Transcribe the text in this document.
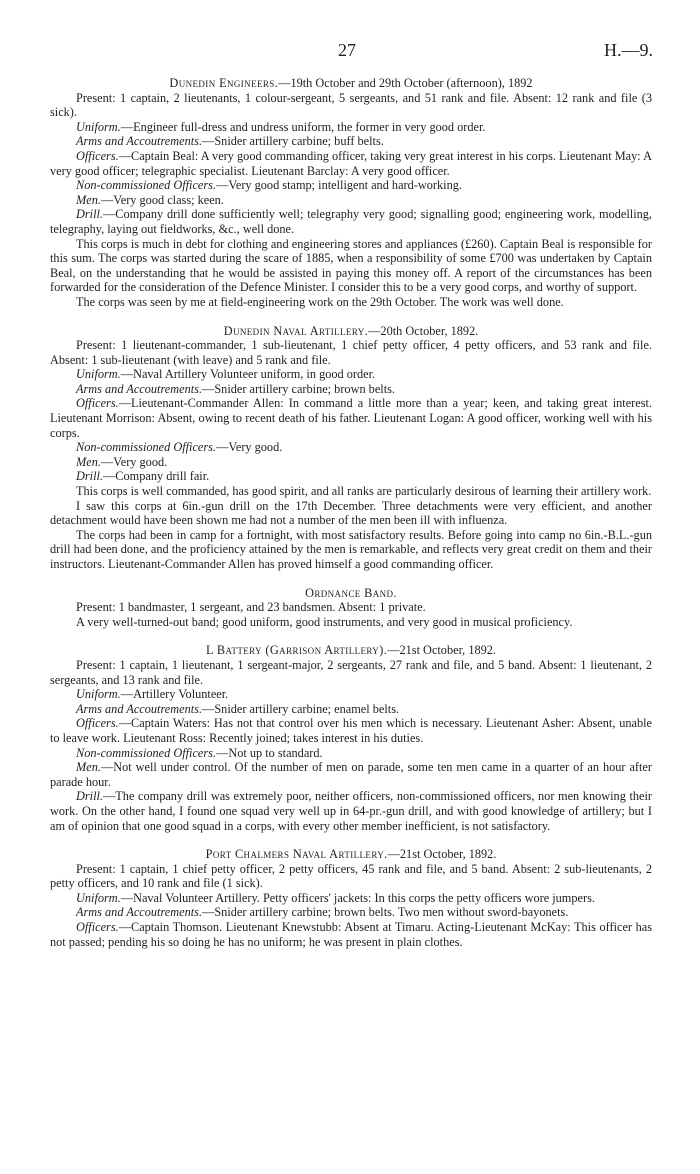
27	H.—9.

Dunedin Engineers.—19th October and 29th October (afternoon), 1892

Present: 1 captain, 2 lieutenants, 1 colour-sergeant, 5 sergeants, and 51 rank and file. Absent: 12 rank and file (3 sick).

Uniform.—Engineer full-dress and undress uniform, the former in very good order.

Arms and Accoutrements.—Snider artillery carbine; buff belts.

Officers.—Captain Beal: A very good commanding officer, taking very great interest in his corps. Lieutenant May: A very good officer; telegraphic specialist. Lieutenant Barclay: A very good officer.

Non-commissioned Officers.—Very good stamp; intelligent and hard-working.

Men.—Very good class; keen.

Drill.—Company drill done sufficiently well; telegraphy very good; signalling good; engineering work, modelling, telegraphy, laying out fieldworks, &c., well done.

This corps is much in debt for clothing and engineering stores and appliances (£260). Captain Beal is responsible for this sum. The corps was started during the scare of 1885, when a responsibility of some £700 was undertaken by Captain Beal, on the understanding that he would be assisted in paying this money off. A report of the circumstances has been forwarded for the consideration of the Defence Minister. I consider this to be a very good corps, and worthy of support.

The corps was seen by me at field-engineering work on the 29th October. The work was well done.

Dunedin Naval Artillery.—20th October, 1892.

Present: 1 lieutenant-commander, 1 sub-lieutenant, 1 chief petty officer, 4 petty officers, and 53 rank and file. Absent: 1 sub-lieutenant (with leave) and 5 rank and file.

Uniform.—Naval Artillery Volunteer uniform, in good order.

Arms and Accoutrements.—Snider artillery carbine; brown belts.

Officers.—Lieutenant-Commander Allen: In command a little more than a year; keen, and taking great interest. Lieutenant Morrison: Absent, owing to recent death of his father. Lieutenant Logan: A good officer, working well with his corps.

Non-commissioned Officers.—Very good.

Men.—Very good.

Drill.—Company drill fair.

This corps is well commanded, has good spirit, and all ranks are particularly desirous of learning their artillery work.

I saw this corps at 6in.-gun drill on the 17th December. Three detachments were very efficient, and another detachment would have been shown me had not a number of the men been ill with influenza.

The corps had been in camp for a fortnight, with most satisfactory results. Before going into camp no 6in.-B.L.-gun drill had been done, and the proficiency attained by the men is remarkable, and reflects very great credit on them and their instructors. Lieutenant-Commander Allen has proved himself a good commanding officer.

Ordnance Band.

Present: 1 bandmaster, 1 sergeant, and 23 bandsmen. Absent: 1 private.

A very well-turned-out band; good uniform, good instruments, and very good in musical proficiency.

L Battery (Garrison Artillery).—21st October, 1892.

Present: 1 captain, 1 lieutenant, 1 sergeant-major, 2 sergeants, 27 rank and file, and 5 band. Absent: 1 lieutenant, 2 sergeants, and 13 rank and file.

Uniform.—Artillery Volunteer.

Arms and Accoutrements.—Snider artillery carbine; enamel belts.

Officers.—Captain Waters: Has not that control over his men which is necessary. Lieutenant Asher: Absent, unable to leave work. Lieutenant Ross: Recently joined; takes interest in his duties.

Non-commissioned Officers.—Not up to standard.

Men.—Not well under control. Of the number of men on parade, some ten men came in a quarter of an hour after parade hour.

Drill.—The company drill was extremely poor, neither officers, non-commissioned officers, nor men knowing their work. On the other hand, I found one squad very well up in 64-pr.-gun drill, and with good knowledge of artillery; but I am of opinion that one good squad in a corps, with every other member inefficient, is not satisfactory.

Port Chalmers Naval Artillery.—21st October, 1892.

Present: 1 captain, 1 chief petty officer, 2 petty officers, 45 rank and file, and 5 band. Absent: 2 sub-lieutenants, 2 petty officers, and 10 rank and file (1 sick).

Uniform.—Naval Volunteer Artillery. Petty officers' jackets: In this corps the petty officers wore jumpers.

Arms and Accoutrements.—Snider artillery carbine; brown belts. Two men without sword-bayonets.

Officers.—Captain Thomson. Lieutenant Knewstubb: Absent at Timaru. Acting-Lieutenant McKay: This officer has not passed; pending his so doing he has no uniform; he was present in plain clothes.
